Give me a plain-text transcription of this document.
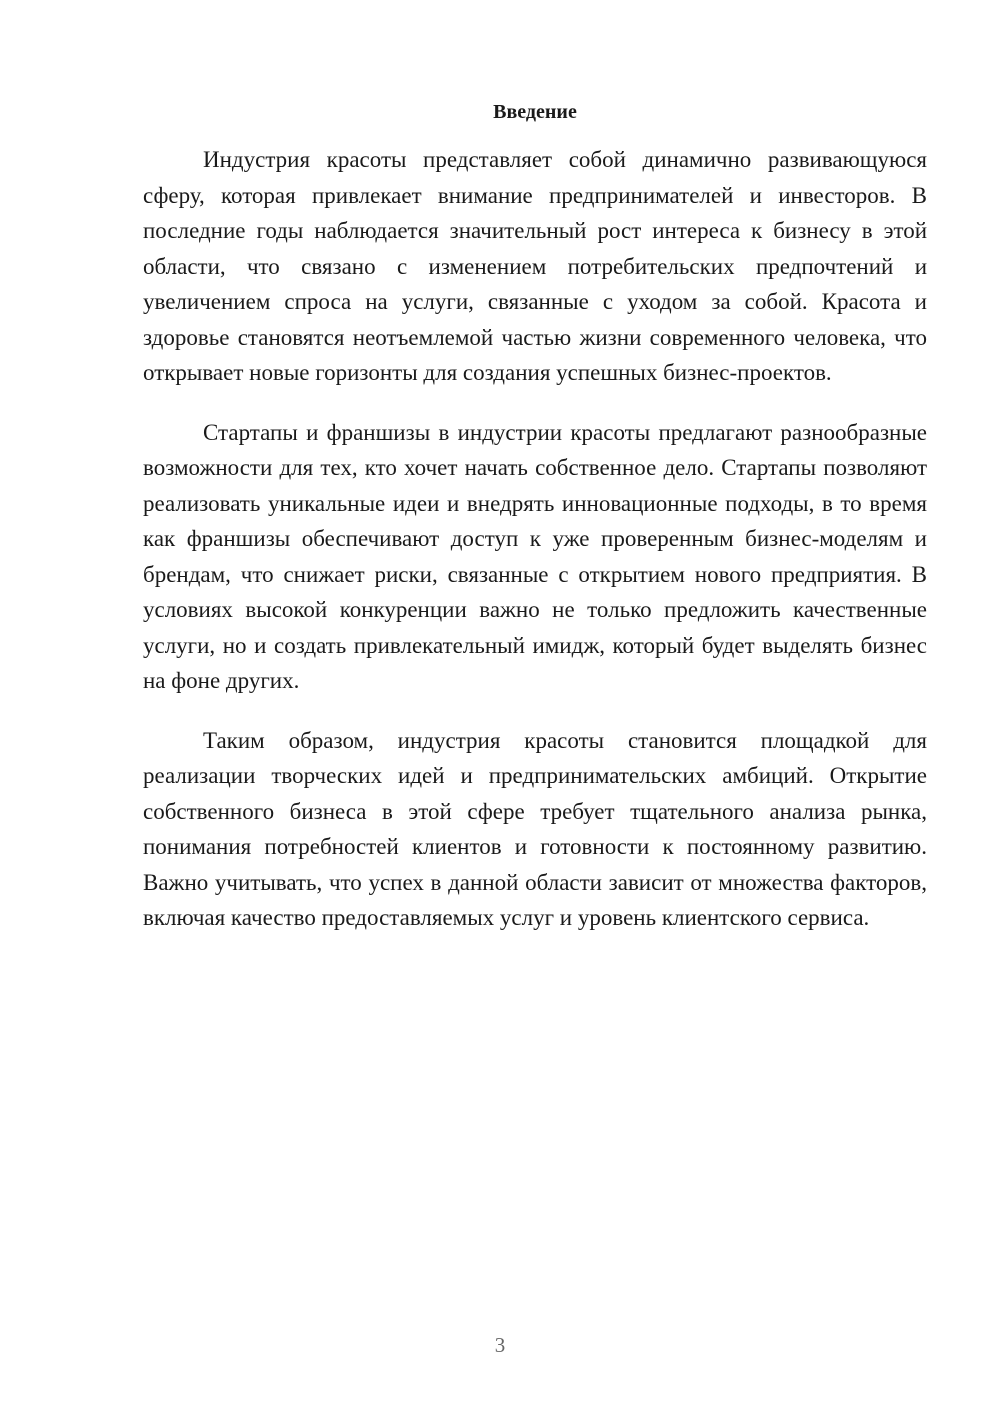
Введение

Индустрия красоты представляет собой динамично развивающуюся сферу, которая привлекает внимание предпринимателей и инвесторов. В последние годы наблюдается значительный рост интереса к бизнесу в этой области, что связано с изменением потребительских предпочтений и увеличением спроса на услуги, связанные с уходом за собой. Красота и здоровье становятся неотъемлемой частью жизни современного человека, что открывает новые горизонты для создания успешных бизнес-проектов.

Стартапы и франшизы в индустрии красоты предлагают разнообразные возможности для тех, кто хочет начать собственное дело. Стартапы позволяют реализовать уникальные идеи и внедрять инновационные подходы, в то время как франшизы обеспечивают доступ к уже проверенным бизнес-моделям и брендам, что снижает риски, связанные с открытием нового предприятия. В условиях высокой конкуренции важно не только предложить качественные услуги, но и создать привлекательный имидж, который будет выделять бизнес на фоне других.

Таким образом, индустрия красоты становится площадкой для реализации творческих идей и предпринимательских амбиций. Открытие собственного бизнеса в этой сфере требует тщательного анализа рынка, понимания потребностей клиентов и готовности к постоянному развитию. Важно учитывать, что успех в данной области зависит от множества факторов, включая качество предоставляемых услуг и уровень клиентского сервиса.

3
